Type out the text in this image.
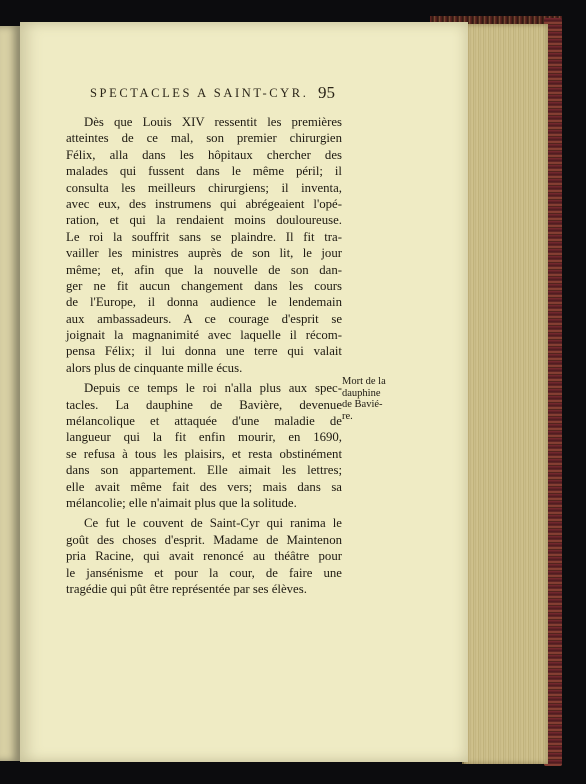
SPECTACLES A SAINT-CYR. 95
Dès que Louis XIV ressentit les premières
atteintes de ce mal, son premier chirurgien
Félix, alla dans les hôpitaux chercher des
malades qui fussent dans le même péril; il
consulta les meilleurs chirurgiens; il inventa,
avec eux, des instrumens qui abrégeaient l'opé-
ration, et qui la rendaient moins douloureuse.
Le roi la souffrit sans se plaindre. Il fit tra-
vailler les ministres auprès de son lit, le jour
même; et, afin que la nouvelle de son dan-
ger ne fit aucun changement dans les cours
de l'Europe, il donna audience le lendemain
aux ambassadeurs. A ce courage d'esprit se
joignait la magnanimité avec laquelle il récom-
pensa Félix; il lui donna une terre qui valait
alors plus de cinquante mille écus.
Depuis ce temps le roi n'alla plus aux spec-
tacles. La dauphine de Bavière, devenue
mélancolique et attaquée d'une maladie de
langueur qui la fit enfin mourir, en 1690,
se refusa à tous les plaisirs, et resta obstinément
dans son appartement. Elle aimait les lettres;
elle avait même fait des vers; mais dans sa
mélancolie; elle n'aimait plus que la solitude.
Ce fut le couvent de Saint-Cyr qui ranima le
goût des choses d'esprit. Madame de Maintenon
pria Racine, qui avait renoncé au théâtre pour
le jansénisme et pour la cour, de faire une
tragédie qui pût être représentée par ses élèves.
Mort de la
dauphine
de Bavié-
re.
